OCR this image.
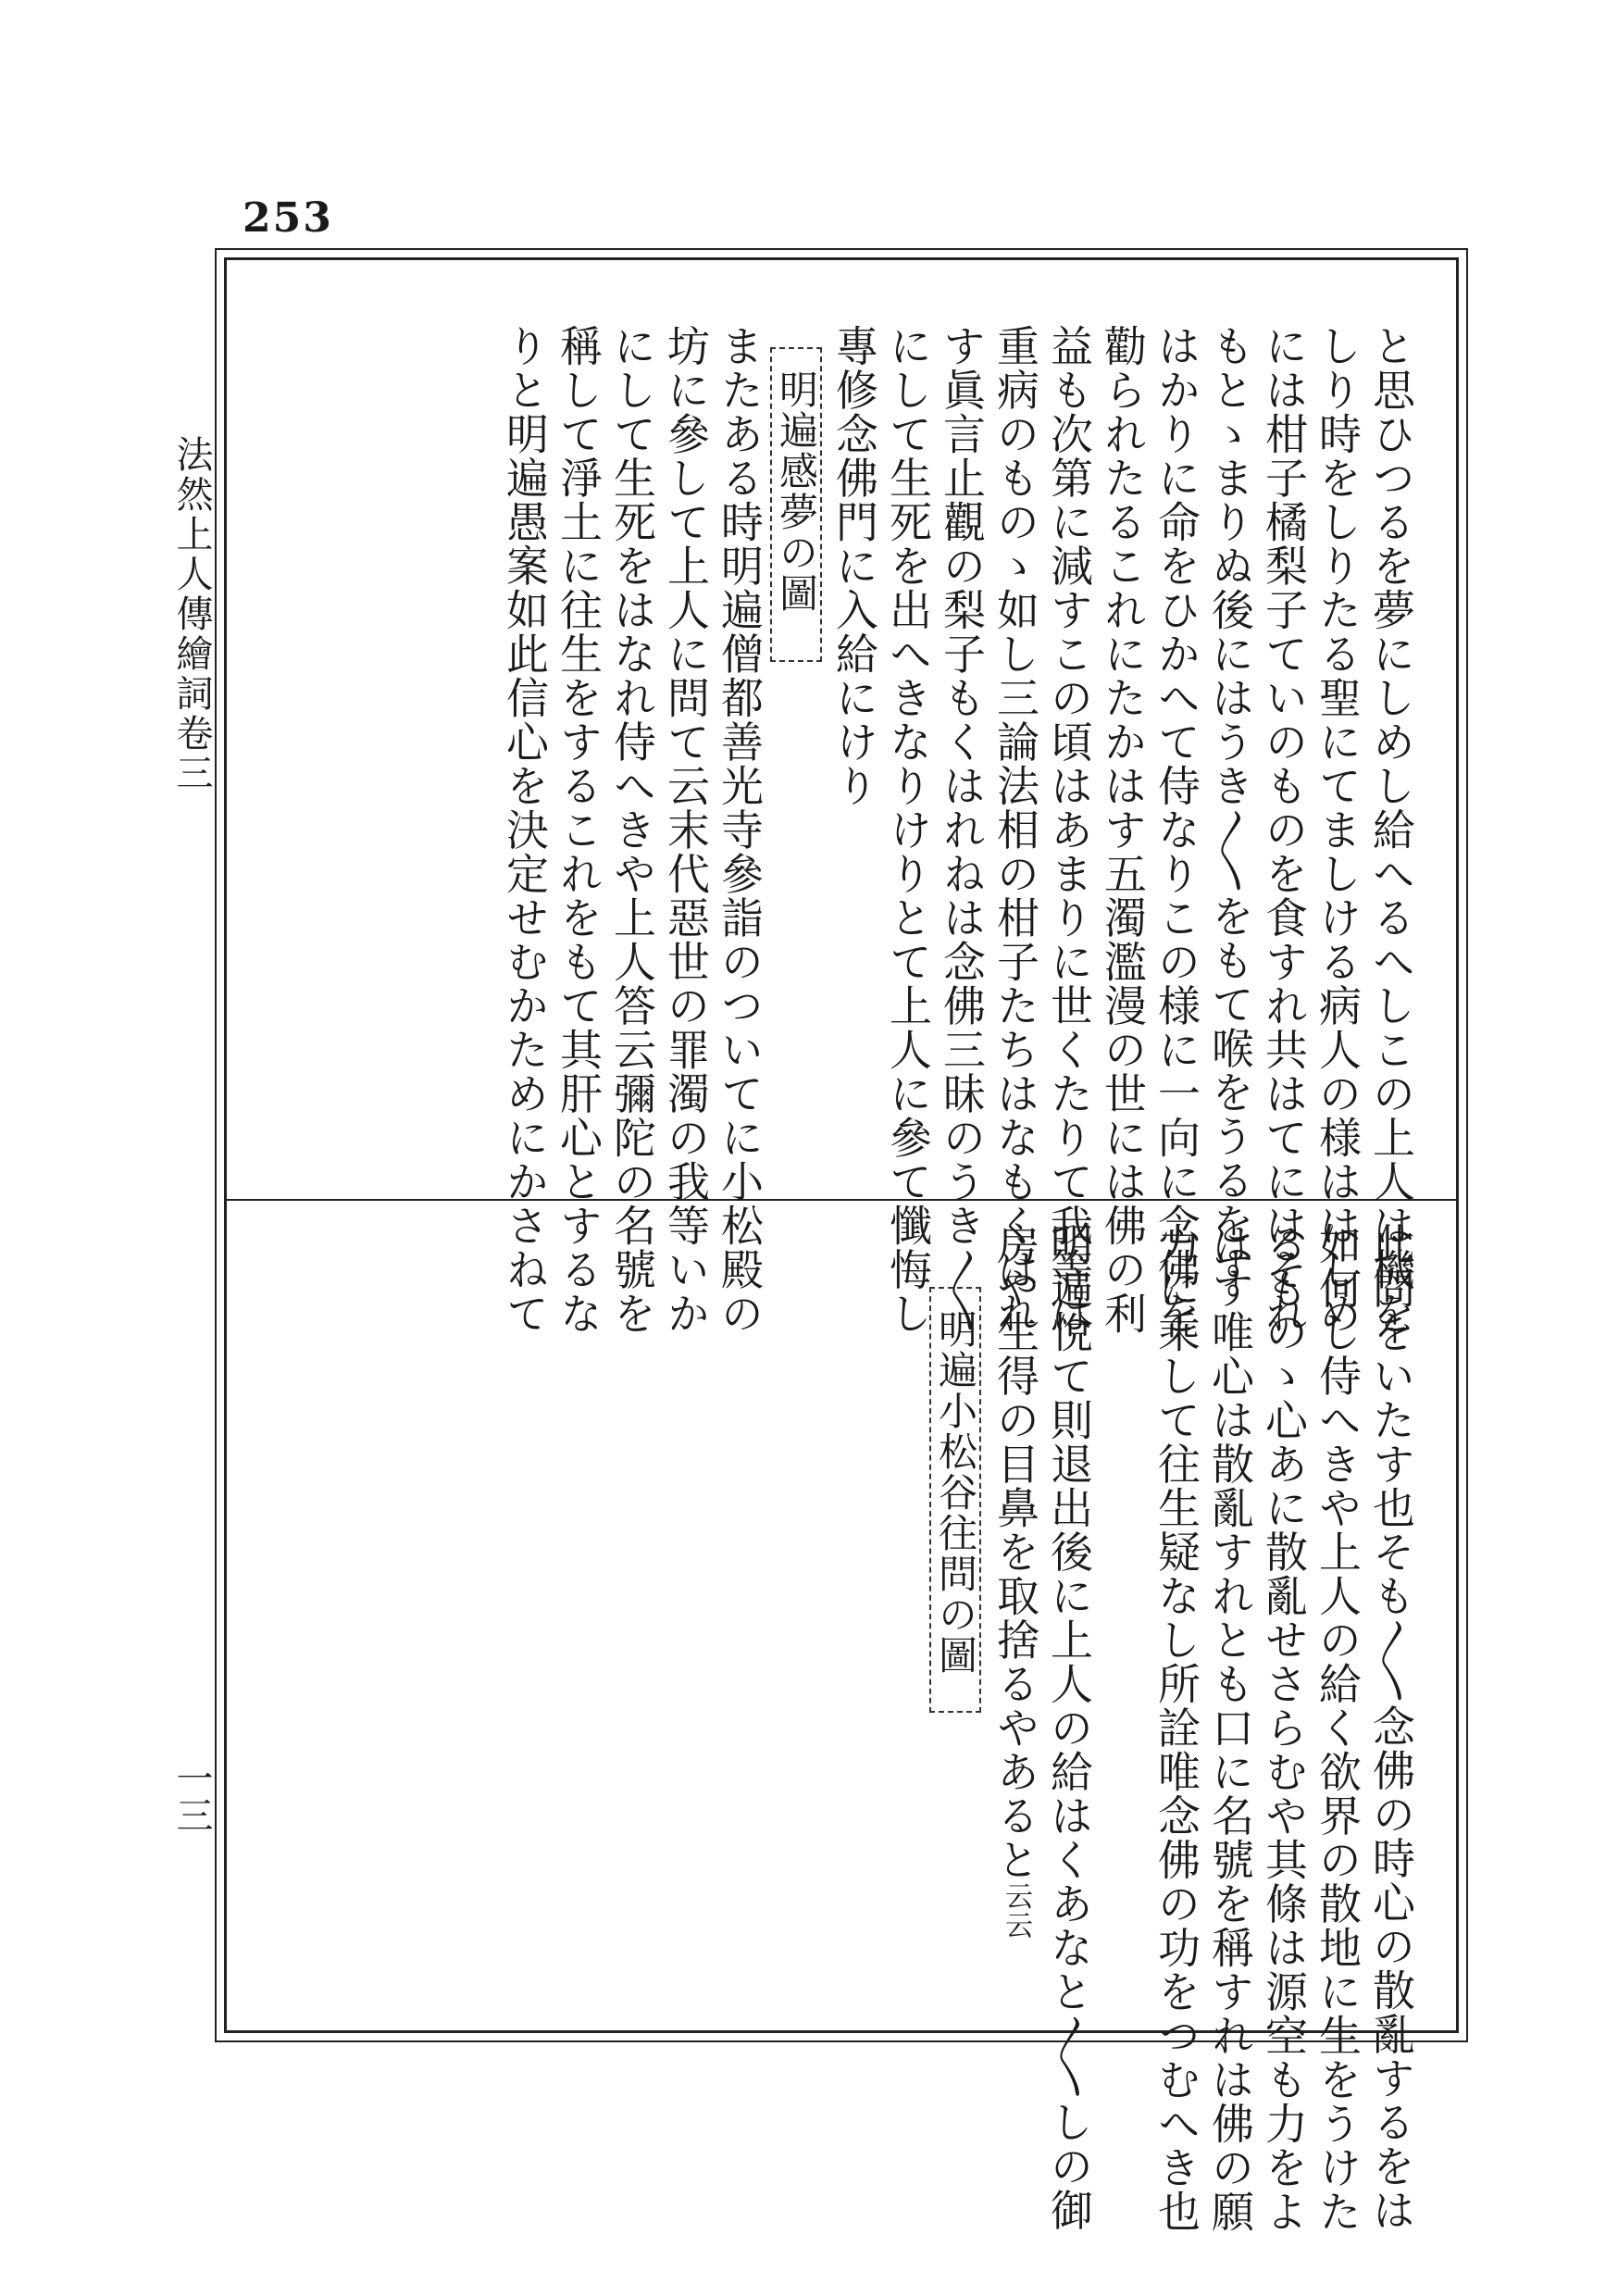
253
法然上人傳繪詞卷三
一三
と思ひつるを夢にしめし給へるへしこの上人は機を
しり時をしりたる聖にてましける病人の様ははしめ
には柑子橘梨子ていのものを食すれ共はてにはそれ
もとゝまりぬ後にはうき〳〵をもて喉をうるをす
はかりに命をひかへて侍なりこの様に一向に念佛を
勸られたるこれにたかはす五濁濫漫の世には佛の利
益も次第に減すこの頃はあまりに世くたりて我等は
重病のものゝ如し三論法相の柑子たちはなもくはれ
す眞言止觀の梨子もくはれねは念佛三昧のうき〳〵
にして生死を出へきなりけりとて上人に參て懺悔し
專修念佛門に入給にけり
明遍感夢の圖
またある時明遍僧都善光寺參詣のついてに小松殿の
坊に參して上人に問て云末代惡世の罪濁の我等いか
にして生死をはなれ侍へきや上人答云彌陀の名號を
稱して淨土に往生をするこれをもて其肝心とするな
りと明遍愚案如此信心を決定せむかためにかさねて
此問をいたす也そも〳〵念佛の時心の散亂するをは
如何し侍へきや上人の給く欲界の散地に生をうけた
るものゝ心あに散亂せさらむや其條は源空も力をよ
はす唯心は散亂すれとも口に名號を稱すれは佛の願
力に乘して往生疑なし所詮唯念佛の功をつむへき也
明遍悅て則退出後に上人の給はくあなと〳〵しの御
房や生得の目鼻を取捨るやあると云云
明遍小松谷往問の圖
